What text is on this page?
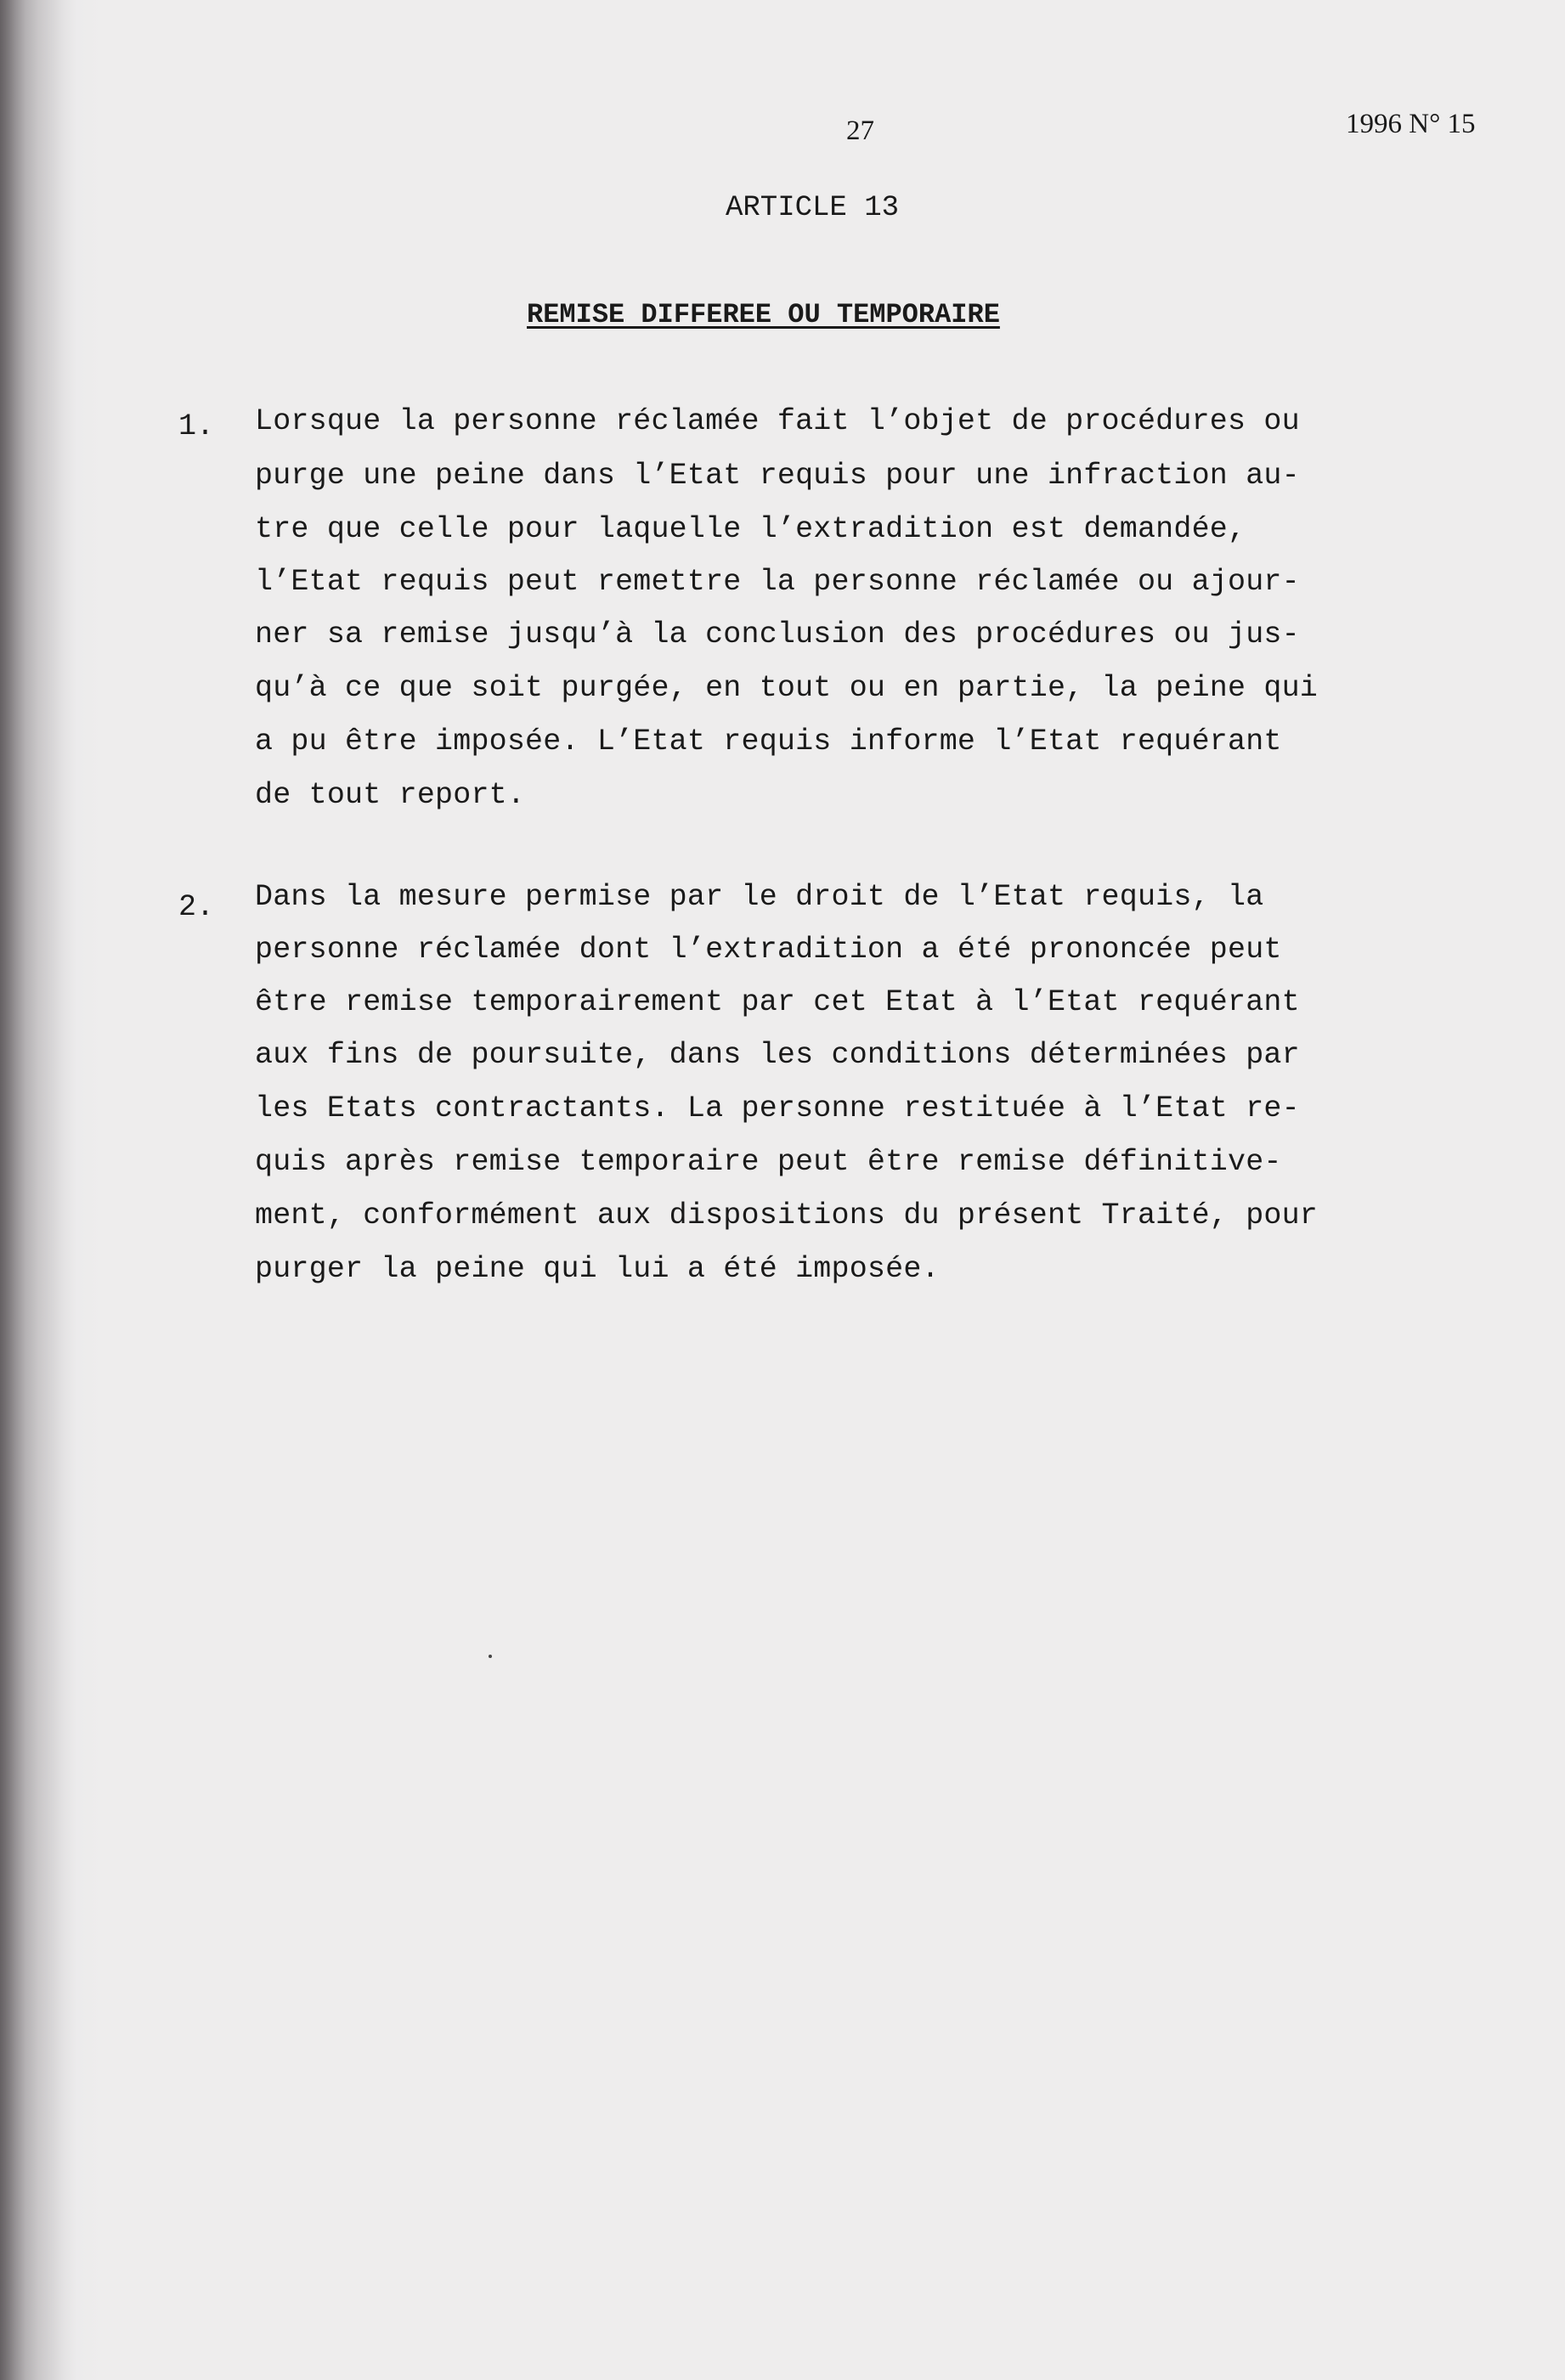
27	1996 N° 15
ARTICLE 13
REMISE DIFFEREE OU TEMPORAIRE
1. Lorsque la personne réclamée fait l’objet de procédures ou
purge une peine dans l’Etat requis pour une infraction au-
tre que celle pour laquelle l’extradition est demandée,
l’Etat requis peut remettre la personne réclamée ou ajour-
ner sa remise jusqu’à la conclusion des procédures ou jus-
qu’à ce que soit purgée, en tout ou en partie, la peine qui
a pu être imposée. L’Etat requis informe l’Etat requérant
de tout report.
2. Dans la mesure permise par le droit de l’Etat requis, la
personne réclamée dont l’extradition a été prononcée peut
être remise temporairement par cet Etat à l’Etat requérant
aux fins de poursuite, dans les conditions déterminées par
les Etats contractants. La personne restituée à l’Etat re-
quis après remise temporaire peut être remise définitive-
ment, conformément aux dispositions du présent Traité, pour
purger la peine qui lui a été imposée.
